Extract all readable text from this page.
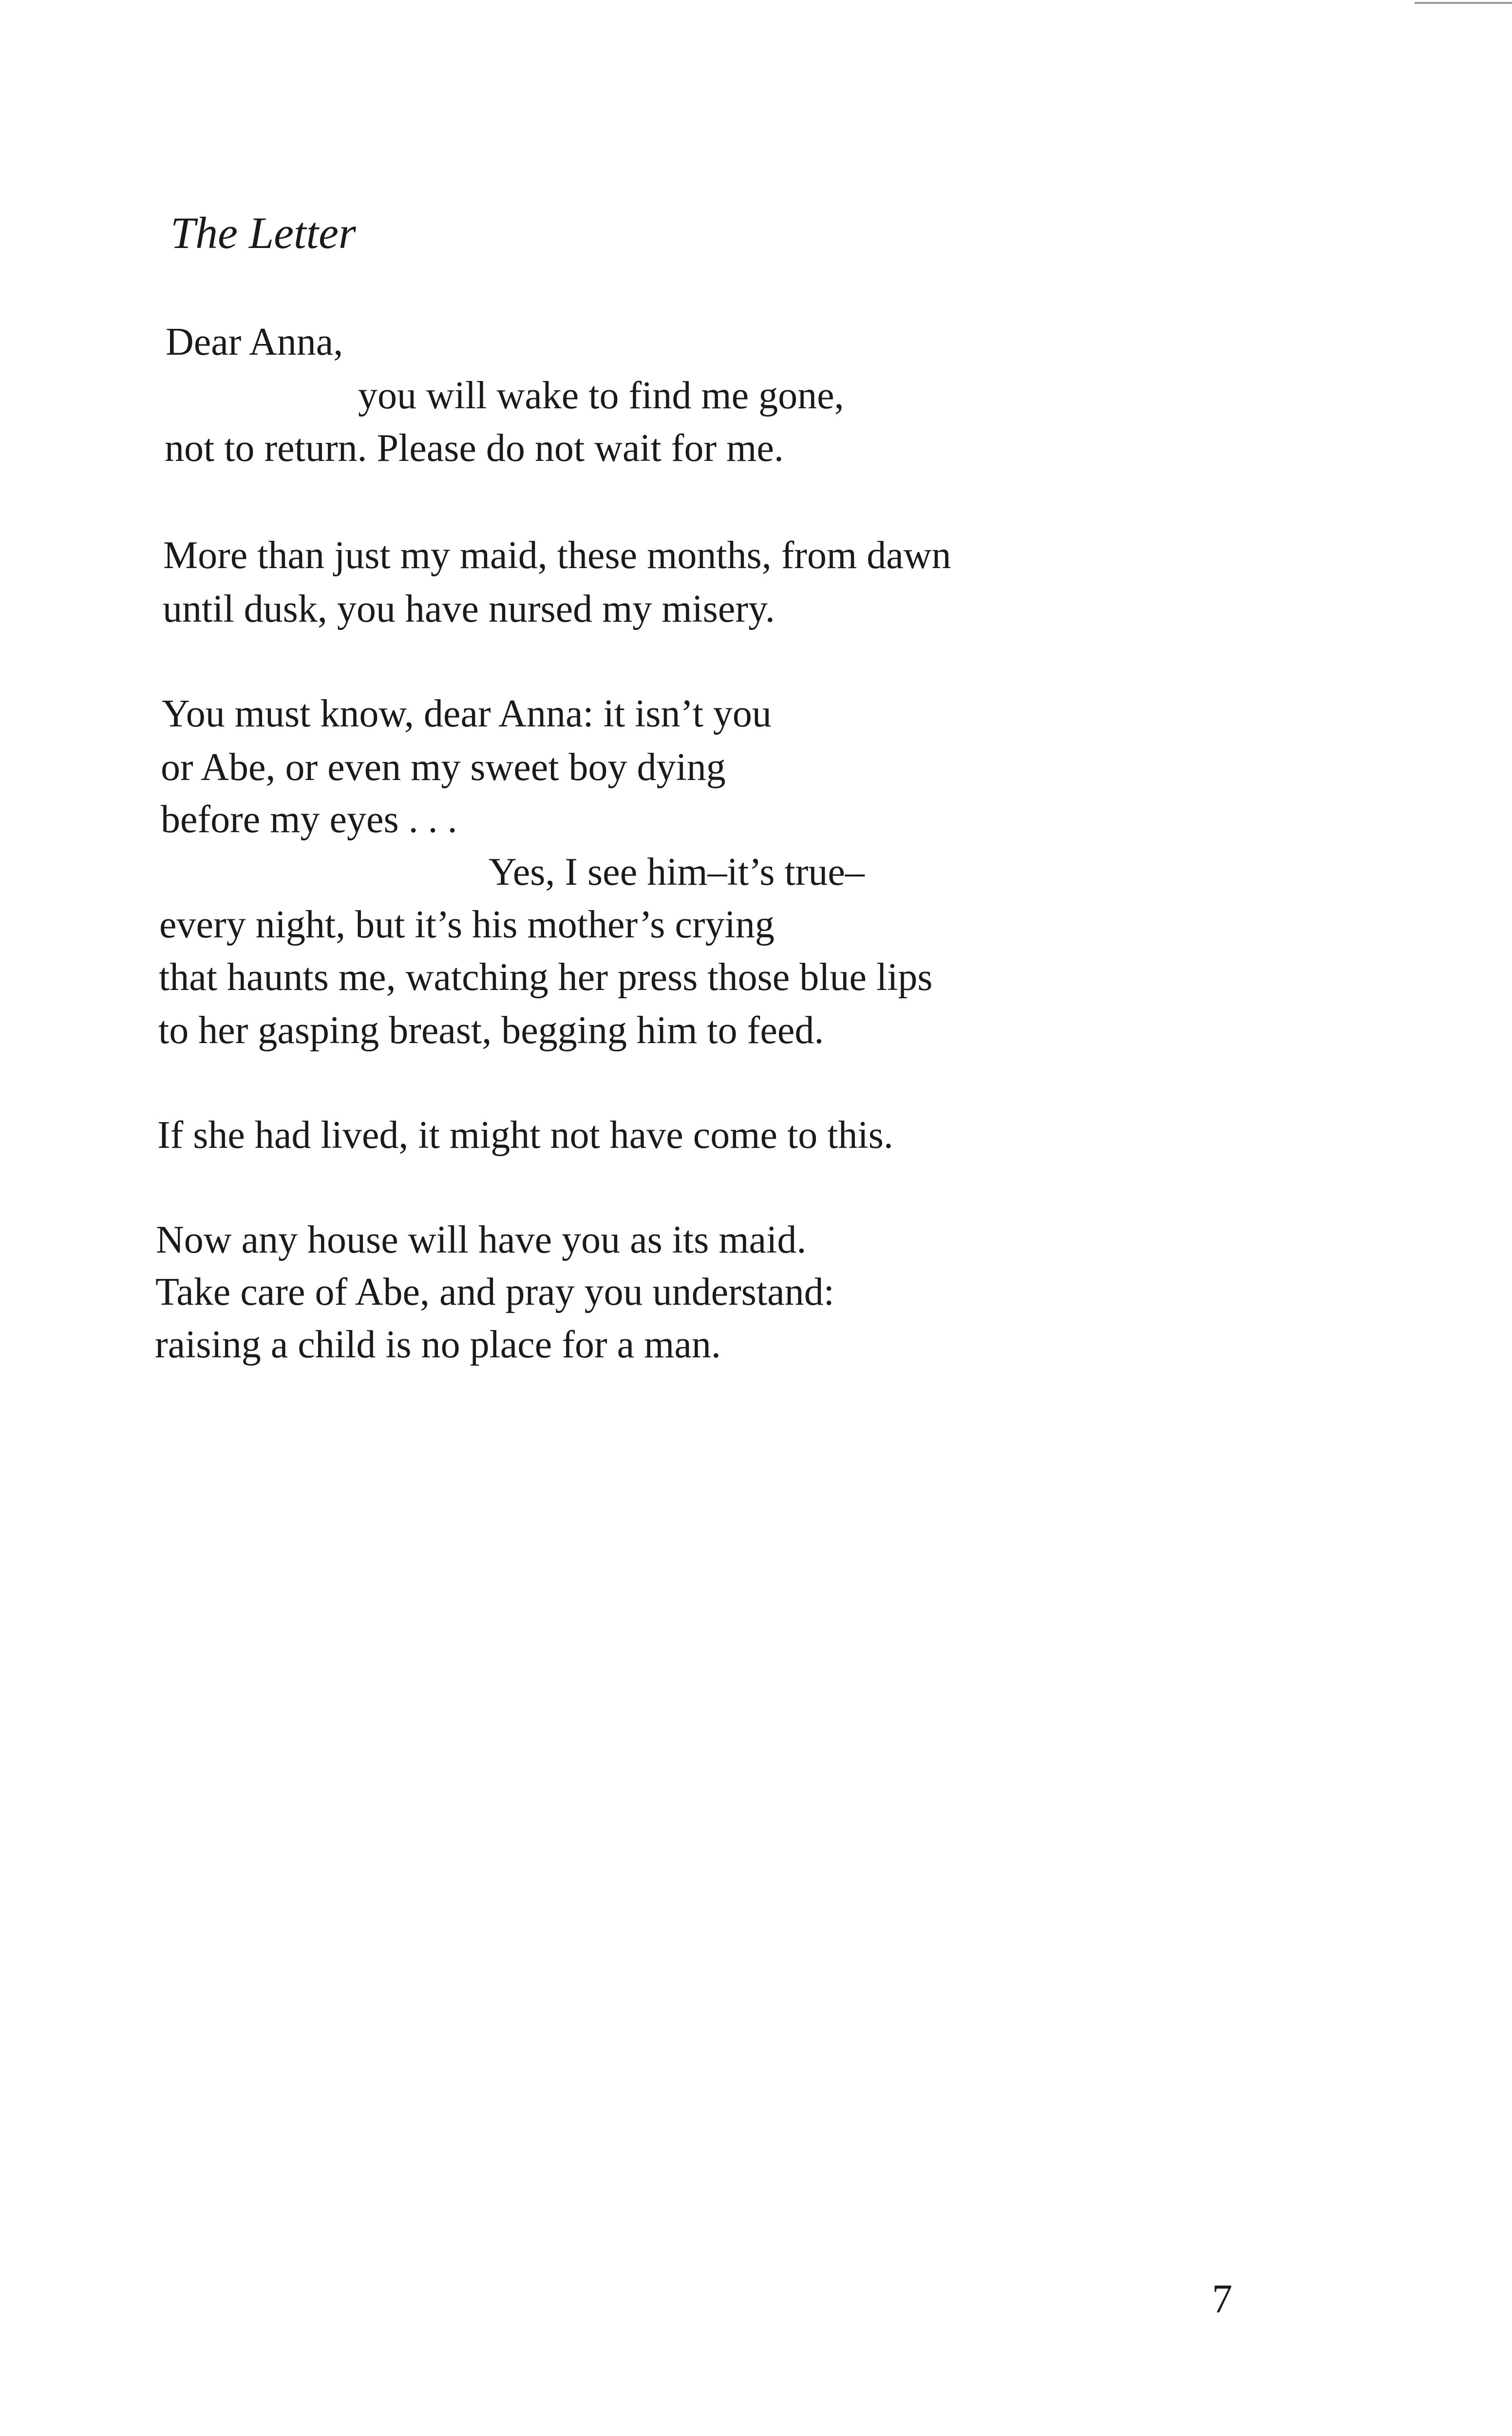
The Letter
Dear Anna,
you will wake to find me gone,
not to return. Please do not wait for me.
More than just my maid, these months, from dawn
until dusk, you have nursed my misery.
You must know, dear Anna: it isn’t you
or Abe, or even my sweet boy dying
before my eyes . . .
Yes, I see him–it’s true–
every night, but it’s his mother’s crying
that haunts me, watching her press those blue lips
to her gasping breast, begging him to feed.
If she had lived, it might not have come to this.
Now any house will have you as its maid.
Take care of Abe, and pray you understand:
raising a child is no place for a man.
7
